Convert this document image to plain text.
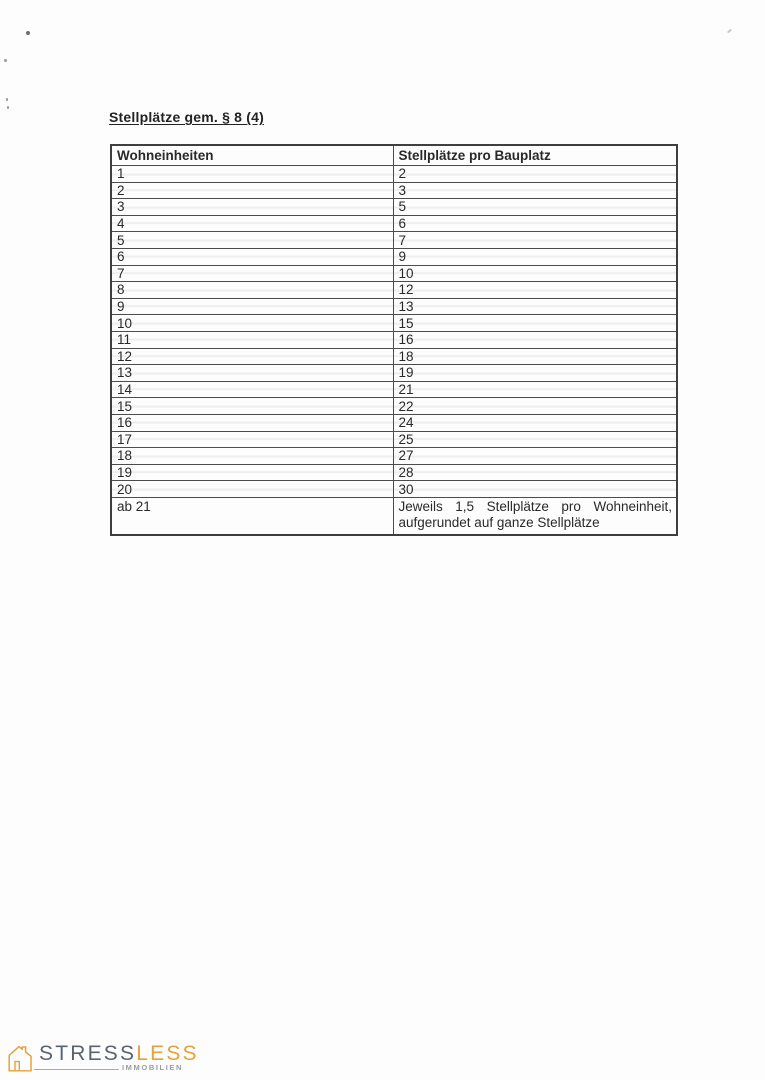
Stellplätze gem. § 8 (4)
Wohneinheiten	Stellplätze pro Bauplatz
1	2
2	3
3	5
4	6
5	7
6	9
7	10
8	12
9	13
10	15
11	16
12	18
13	19
14	21
15	22
16	24
17	25
18	27
19	28
20	30
ab 21	Jeweils 1,5 Stellplätze pro Wohneinheit, aufgerundet auf ganze Stellplätze
STRESSLESS
IMMOBILIEN
